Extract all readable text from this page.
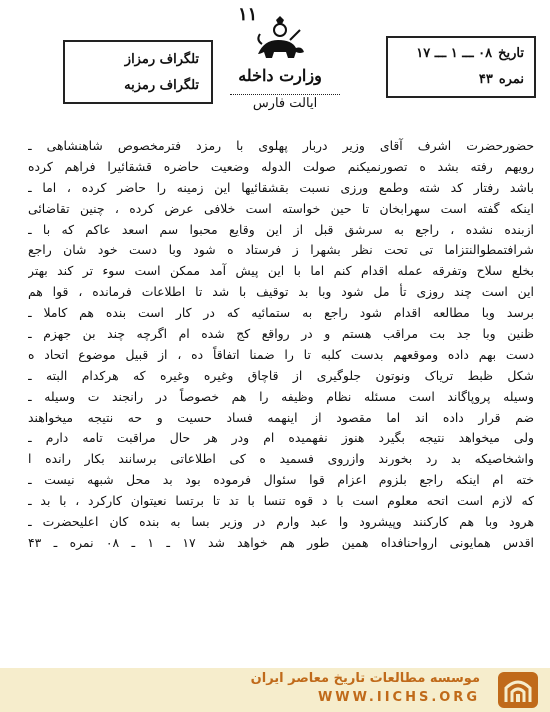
۱۱
تاریخ۰۸ ـــ ۱ ـــ ۱۷
نمره۴۳
وزارت داخله
ایالت فارس
تلگراف رمزاز
تلگراف رمزبه
حضورحضرت اشرف آقای وزیر دربار پهلوی با رمزد فترمخصوص شاهنشاهی ـ
رویهم رفته بشد ه تصورنمیکنم صولت الدوله وضعیت حاضره قشقائیرا فراهم کرده
باشد رفتار کد شته وطمع ورزی نسبت بقشقائیها این زمینه را حاضر کرده ، اما ـ
اینکه گفته است سهرابخان تا حین خواسته است خلافی عرض کرده ، چنین تقاضائی
ازبنده نشده ، راجع به سرشق قبل از این وقایع محبوا سم اسعد عاکم که با ـ
شرافتمطوالنتزاما تی تحت نظر بشهرا ز فرستاد ه شود وبا دست خود شان راجع
بخلع سلاح وتفرقه عمله اقدام کنم اما با این پیش آمد ممکن است سوء تر کند بهتر
این است چند روزی تأ مل شود وبا بد توقیف با شد تا اطلاعات فرمانده ، قوا هم
برسد وبا مطالعه اقدام شود راجع به ستمائیه که در کار است بنده هم کاملا ـ
ظنین وبا جد بت مراقب هستم و در رواقع کج شده ام اگرچه چند بن جهزم ـ
دست بهم داده وموقعهم بدست کلبه تا را ضمنا اتفاقاً ده ، از قبیل موضوع اتحاد ه
شکل ظبط تریاک ونوتون جلوگیری از قاچاق وغیره وغیره که هرکدام البته ـ
وسیله پروپاگاند است مسئله نظام وظیفه را هم خصوصاً در رانجند ت وسیله ـ
ضم قرار داده اند اما مقصود از اینهمه فساد حسیت و حه نتیجه میخواهند
ولی میخواهد نتیجه بگیرد هنوز نفهمیده ام ودر هر حال مراقبت تامه دارم ـ
واشخاصیکه بد رد بخورند وازروی فسمید ه کی اطلاعاتی برسانند بکار رانده ا
خته ام اینکه راجع بلزوم اعزام قوا سئوال فرموده بود بد محل شبهه نیست ـ
که لازم است اتحه معلوم است با د قوه تنسا با تد تا برتسا نعیتوان کارکرد ، با بد ـ
هرود وبا هم کارکنند وپیشرود وا عبد وارم در وزیر بسا به بنده کان اعلیحضرت ـ
اقدس همایونی ارواحنافداه همین طور هم خواهد شد ۱۷ ـ ۱ ـ ۰۸ نمره ـ ۴۳
موسسه مطالعات تاریخ معاصر ایران
WWW.IICHS.ORG
